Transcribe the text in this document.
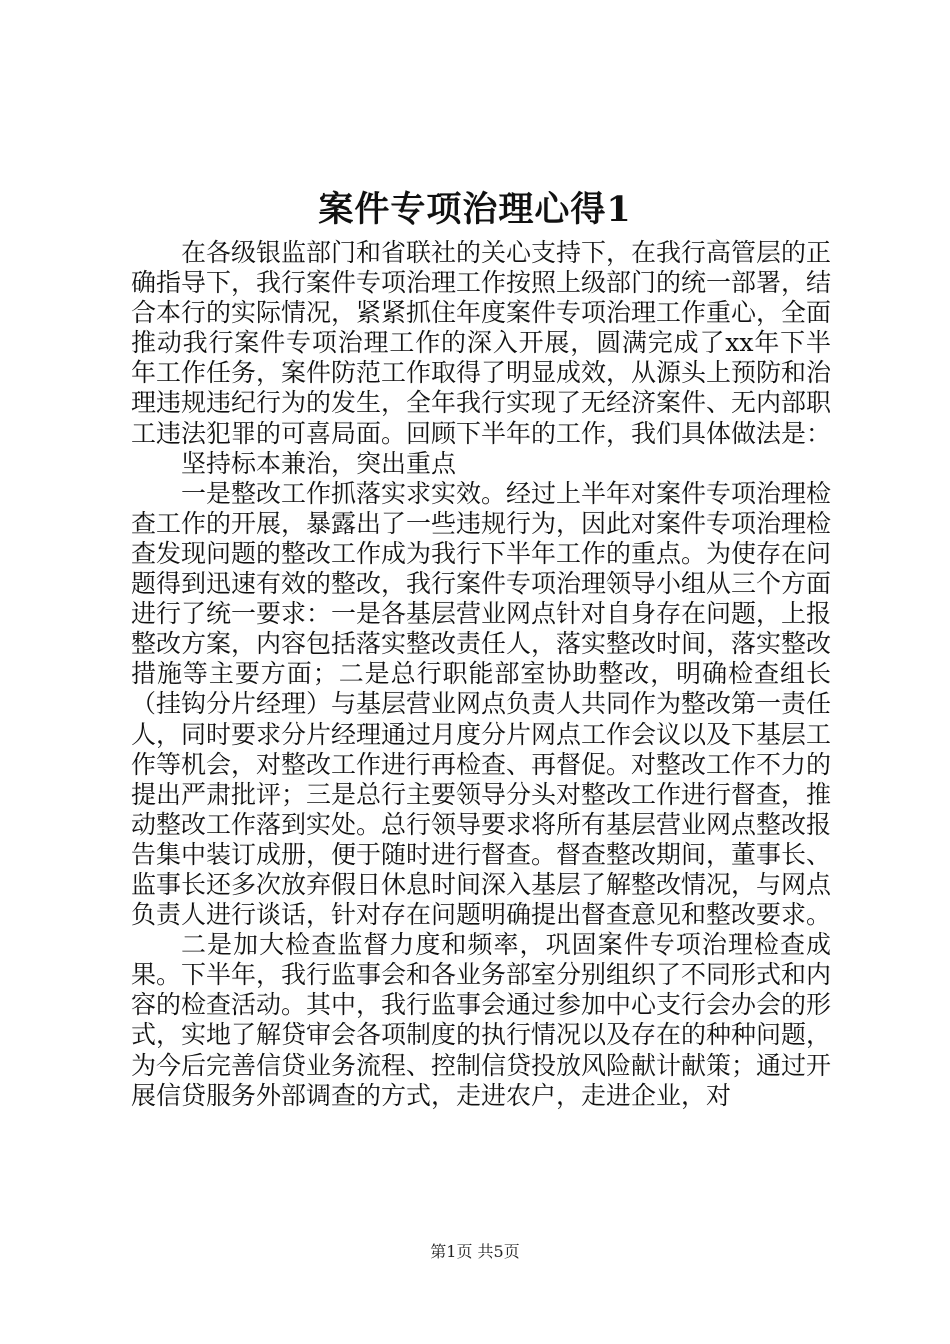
案件专项治理心得1

在各级银监部门和省联社的关心支持下，在我行高管层的正确指导下，我行案件专项治理工作按照上级部门的统一部署，结合本行的实际情况，紧紧抓住年度案件专项治理工作重心，全面推动我行案件专项治理工作的深入开展，圆满完成了xx年下半年工作任务，案件防范工作取得了明显成效，从源头上预防和治理违规违纪行为的发生，全年我行实现了无经济案件、无内部职工违法犯罪的可喜局面。回顾下半年的工作，我们具体做法是：

坚持标本兼治，突出重点

一是整改工作抓落实求实效。经过上半年对案件专项治理检查工作的开展，暴露出了一些违规行为，因此对案件专项治理检查发现问题的整改工作成为我行下半年工作的重点。为使存在问题得到迅速有效的整改，我行案件专项治理领导小组从三个方面进行了统一要求：一是各基层营业网点针对自身存在问题，上报整改方案，内容包括落实整改责任人，落实整改时间，落实整改措施等主要方面；二是总行职能部室协助整改，明确检查组长（挂钩分片经理）与基层营业网点负责人共同作为整改第一责任人，同时要求分片经理通过月度分片网点工作会议以及下基层工作等机会，对整改工作进行再检查、再督促。对整改工作不力的提出严肃批评；三是总行主要领导分头对整改工作进行督查，推动整改工作落到实处。总行领导要求将所有基层营业网点整改报告集中装订成册，便于随时进行督查。督查整改期间，董事长、监事长还多次放弃假日休息时间深入基层了解整改情况，与网点负责人进行谈话，针对存在问题明确提出督查意见和整改要求。

二是加大检查监督力度和频率，巩固案件专项治理检查成果。下半年，我行监事会和各业务部室分别组织了不同形式和内容的检查活动。其中，我行监事会通过参加中心支行会办会的形式，实地了解贷审会各项制度的执行情况以及存在的种种问题，为今后完善信贷业务流程、控制信贷投放风险献计献策；通过开展信贷服务外部调查的方式，走进农户，走进企业，对

第1页 共5页
